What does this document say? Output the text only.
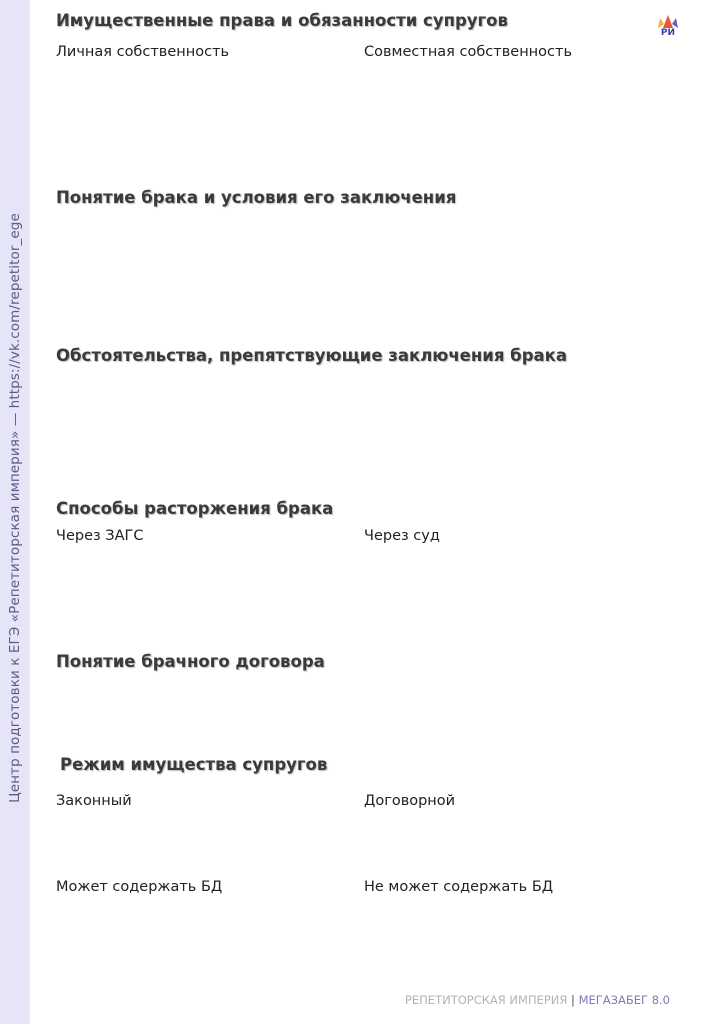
Центр подготовки к ЕГЭ «Репетиторская империя» — https://vk.com/repetitor_ege
РИ
Имущественные права и обязанности супругов
Личная собственность	Совместная собственность
Понятие брака и условия его заключения
Обстоятельства, препятствующие заключения брака
Способы расторжения брака
Через ЗАГС	Через суд
Понятие брачного договора
Режим имущества супругов
Законный	Договорной
Может содержать БД	Не может содержать БД
РЕПЕТИТОРСКАЯ ИМПЕРИЯ | МЕГАЗАБЕГ 8.0
